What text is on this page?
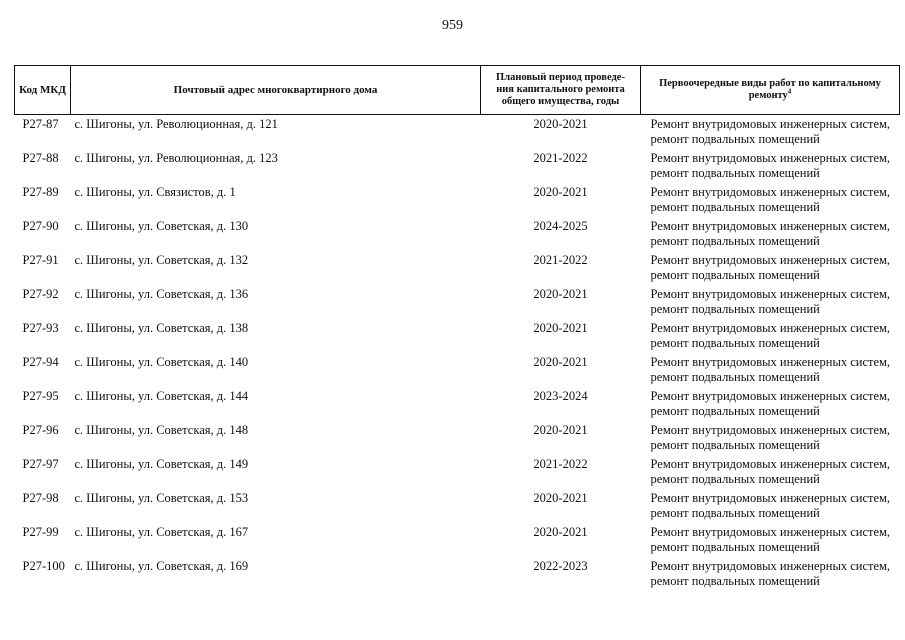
959
Код МКД	Почтовый адрес многоквартирного дома	Плановый период проведе-
ния капитального ремонта
общего имущества, годы	Первоочередные виды работ по капитальному
ремонту$^4$
Р27-87	с. Шигоны, ул. Революционная, д. 121	2020-2021	Ремонт внутридомовых инженерных систем,
ремонт подвальных помещений
Р27-88	с. Шигоны, ул. Революционная, д. 123	2021-2022	Ремонт внутридомовых инженерных систем,
ремонт подвальных помещений
Р27-89	с. Шигоны, ул. Связистов, д. 1	2020-2021	Ремонт внутридомовых инженерных систем,
ремонт подвальных помещений
Р27-90	с. Шигоны, ул. Советская, д. 130	2024-2025	Ремонт внутридомовых инженерных систем,
ремонт подвальных помещений
Р27-91	с. Шигоны, ул. Советская, д. 132	2021-2022	Ремонт внутридомовых инженерных систем,
ремонт подвальных помещений
Р27-92	с. Шигоны, ул. Советская, д. 136	2020-2021	Ремонт внутридомовых инженерных систем,
ремонт подвальных помещений
Р27-93	с. Шигоны, ул. Советская, д. 138	2020-2021	Ремонт внутридомовых инженерных систем,
ремонт подвальных помещений
Р27-94	с. Шигоны, ул. Советская, д. 140	2020-2021	Ремонт внутридомовых инженерных систем,
ремонт подвальных помещений
Р27-95	с. Шигоны, ул. Советская, д. 144	2023-2024	Ремонт внутридомовых инженерных систем,
ремонт подвальных помещений
Р27-96	с. Шигоны, ул. Советская, д. 148	2020-2021	Ремонт внутридомовых инженерных систем,
ремонт подвальных помещений
Р27-97	с. Шигоны, ул. Советская, д. 149	2021-2022	Ремонт внутридомовых инженерных систем,
ремонт подвальных помещений
Р27-98	с. Шигоны, ул. Советская, д. 153	2020-2021	Ремонт внутридомовых инженерных систем,
ремонт подвальных помещений
Р27-99	с. Шигоны, ул. Советская, д. 167	2020-2021	Ремонт внутридомовых инженерных систем,
ремонт подвальных помещений
Р27-100	с. Шигоны, ул. Советская, д. 169	2022-2023	Ремонт внутридомовых инженерных систем,
ремонт подвальных помещений
